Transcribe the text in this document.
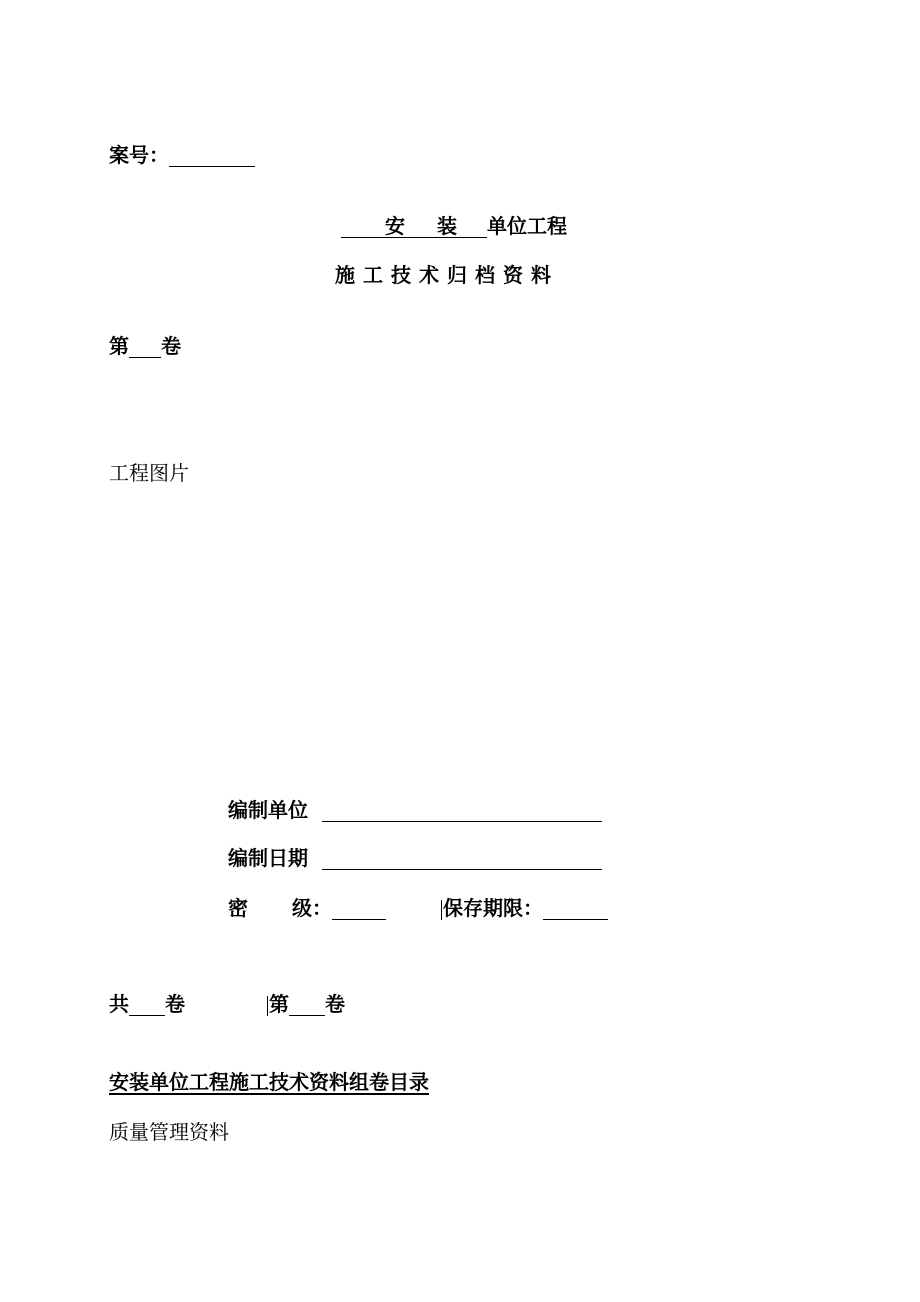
案号：
安 装 单位工程
施 工 技 术 归 档 资 料
第 卷
工程图片
编制单位
编制日期
密 级：	保存期限：
共 卷	第 卷
安装单位工程施工技术资料组卷目录
质量管理资料
